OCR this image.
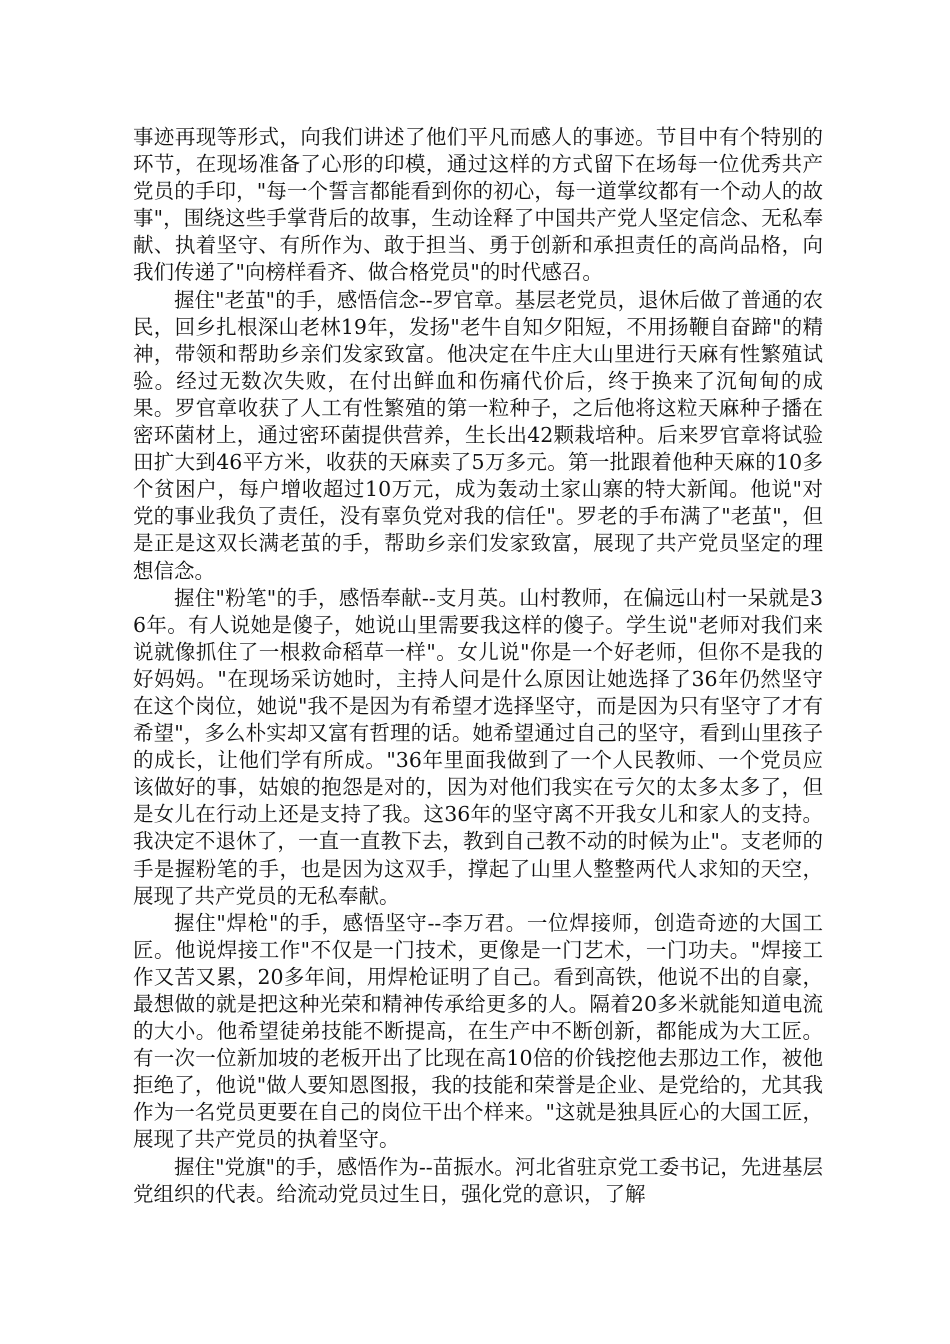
事迹再现等形式，向我们讲述了他们平凡而感人的事迹。节目中有个特别的环节，在现场准备了心形的印模，通过这样的方式留下在场每一位优秀共产党员的手印，"每一个誓言都能看到你的初心，每一道掌纹都有一个动人的故事"，围绕这些手掌背后的故事，生动诠释了中国共产党人坚定信念、无私奉献、执着坚守、有所作为、敢于担当、勇于创新和承担责任的高尚品格，向我们传递了"向榜样看齐、做合格党员"的时代感召。

握住"老茧"的手，感悟信念--罗官章。基层老党员，退休后做了普通的农民，回乡扎根深山老林19年，发扬"老牛自知夕阳短，不用扬鞭自奋蹄"的精神，带领和帮助乡亲们发家致富。他决定在牛庄大山里进行天麻有性繁殖试验。经过无数次失败，在付出鲜血和伤痛代价后，终于换来了沉甸甸的成果。罗官章收获了人工有性繁殖的第一粒种子，之后他将这粒天麻种子播在密环菌材上，通过密环菌提供营养，生长出42颗栽培种。后来罗官章将试验田扩大到46平方米，收获的天麻卖了5万多元。第一批跟着他种天麻的10多个贫困户，每户增收超过10万元，成为轰动土家山寨的特大新闻。他说"对党的事业我负了责任，没有辜负党对我的信任"。罗老的手布满了"老茧"，但是正是这双长满老茧的手，帮助乡亲们发家致富，展现了共产党员坚定的理想信念。

握住"粉笔"的手，感悟奉献--支月英。山村教师，在偏远山村一呆就是36年。有人说她是傻子，她说山里需要我这样的傻子。学生说"老师对我们来说就像抓住了一根救命稻草一样"。女儿说"你是一个好老师，但你不是我的好妈妈。"在现场采访她时，主持人问是什么原因让她选择了36年仍然坚守在这个岗位，她说"我不是因为有希望才选择坚守，而是因为只有坚守了才有希望"，多么朴实却又富有哲理的话。她希望通过自己的坚守，看到山里孩子的成长，让他们学有所成。"36年里面我做到了一个人民教师、一个党员应该做好的事，姑娘的抱怨是对的，因为对他们我实在亏欠的太多太多了，但是女儿在行动上还是支持了我。这36年的坚守离不开我女儿和家人的支持。我决定不退休了，一直一直教下去，教到自己教不动的时候为止"。支老师的手是握粉笔的手，也是因为这双手，撑起了山里人整整两代人求知的天空，展现了共产党员的无私奉献。

握住"焊枪"的手，感悟坚守--李万君。一位焊接师，创造奇迹的大国工匠。他说焊接工作"不仅是一门技术，更像是一门艺术，一门功夫。"焊接工作又苦又累，20多年间，用焊枪证明了自己。看到高铁，他说不出的自豪，最想做的就是把这种光荣和精神传承给更多的人。隔着20多米就能知道电流的大小。他希望徒弟技能不断提高，在生产中不断创新，都能成为大工匠。有一次一位新加坡的老板开出了比现在高10倍的价钱挖他去那边工作，被他拒绝了，他说"做人要知恩图报，我的技能和荣誉是企业、是党给的，尤其我作为一名党员更要在自己的岗位干出个样来。"这就是独具匠心的大国工匠，展现了共产党员的执着坚守。

握住"党旗"的手，感悟作为--苗振水。河北省驻京党工委书记，先进基层党组织的代表。给流动党员过生日，强化党的意识，了解
